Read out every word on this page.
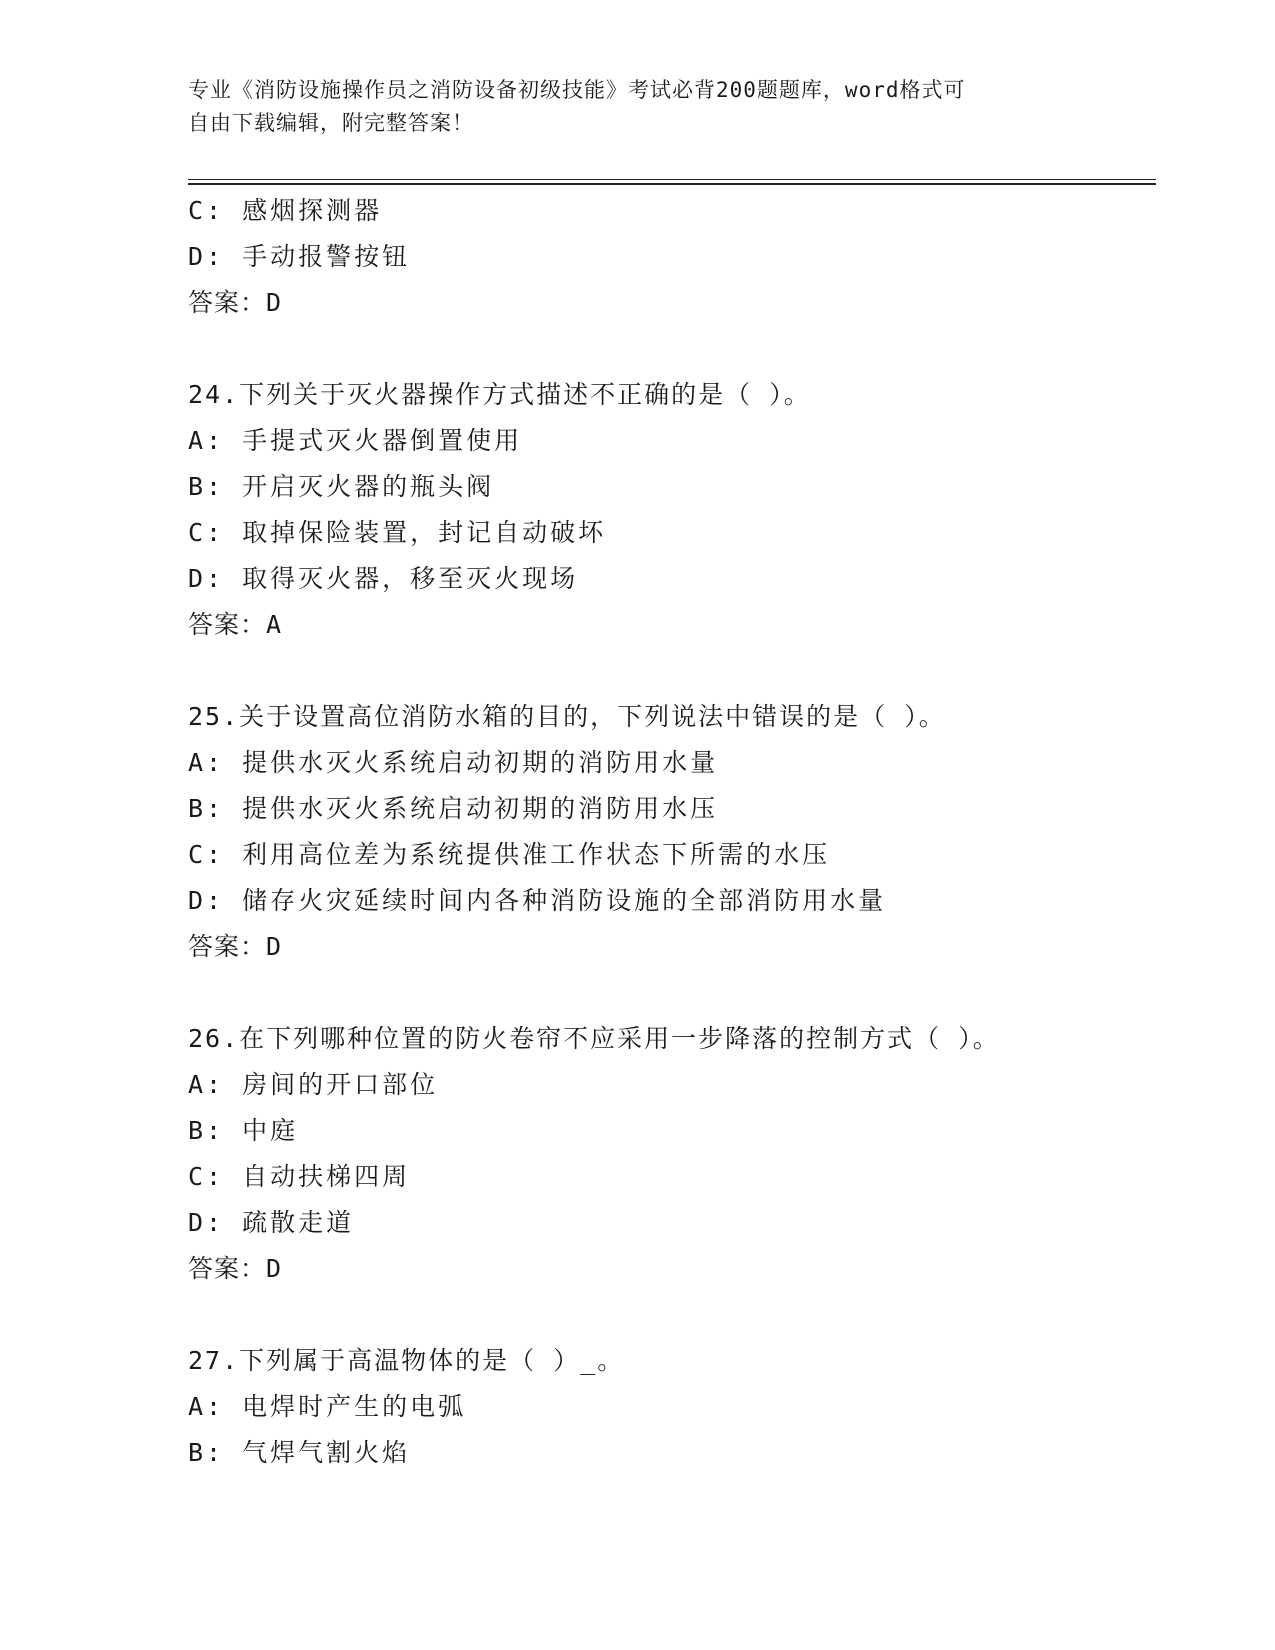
专业《消防设施操作员之消防设备初级技能》考试必背200题题库，word格式可
自由下载编辑，附完整答案！
C: 感烟探测器
D: 手动报警按钮
答案：D
24.下列关于灭火器操作方式描述不正确的是（ ）。
A: 手提式灭火器倒置使用
B: 开启灭火器的瓶头阀
C: 取掉保险装置，封记自动破坏
D: 取得灭火器，移至灭火现场
答案：A
25.关于设置高位消防水箱的目的，下列说法中错误的是（ ）。
A: 提供水灭火系统启动初期的消防用水量
B: 提供水灭火系统启动初期的消防用水压
C: 利用高位差为系统提供准工作状态下所需的水压
D: 储存火灾延续时间内各种消防设施的全部消防用水量
答案：D
26.在下列哪种位置的防火卷帘不应采用一步降落的控制方式（ ）。
A: 房间的开口部位
B: 中庭
C: 自动扶梯四周
D: 疏散走道
答案：D
27.下列属于高温物体的是（ ）_。
A: 电焊时产生的电弧
B: 气焊气割火焰
